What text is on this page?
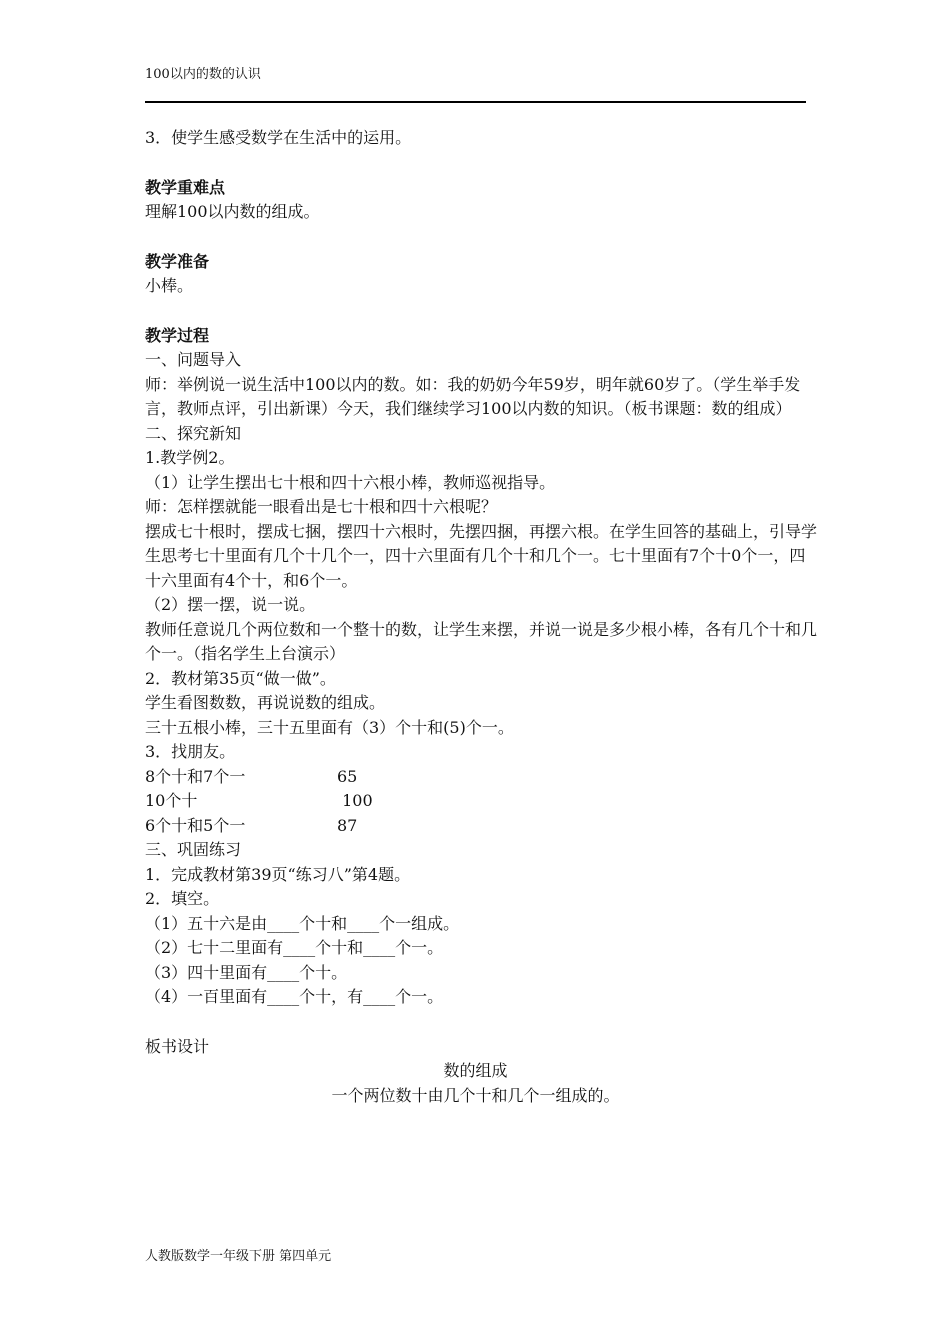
100以内的数的认识

3．使学生感受数学在生活中的运用。

教学重难点

理解100以内数的组成。

教学准备

小棒。

教学过程

一、问题导入

师：举例说一说生活中100以内的数。如：我的奶奶今年59岁，明年就60岁了。（学生举手发言，教师点评，引出新课）今天，我们继续学习100以内数的知识。（板书课题：数的组成）

二、探究新知

1.教学例2。

（1）让学生摆出七十根和四十六根小棒，教师巡视指导。

师：怎样摆就能一眼看出是七十根和四十六根呢？

摆成七十根时，摆成七捆，摆四十六根时，先摆四捆，再摆六根。在学生回答的基础上，引导学生思考七十里面有几个十几个一，四十六里面有几个十和几个一。七十里面有7个十0个一，四十六里面有4个十，和6个一。

（2）摆一摆，说一说。

教师任意说几个两位数和一个整十的数，让学生来摆，并说一说是多少根小棒，各有几个十和几个一。（指名学生上台演示）

2．教材第35页“做一做”。

学生看图数数，再说说数的组成。

三十五根小棒，三十五里面有（3）个十和(5)个一。

3．找朋友。

8个十和7个一	65
10个十	100
6个十和5个一	87

三、巩固练习

1．完成教材第39页“练习八”第4题。

2．填空。

（1）五十六是由____个十和____个一组成。

（2）七十二里面有____个十和____个一。

（3）四十里面有____个十。

（4）一百里面有____个十，有____个一。

板书设计

数的组成

一个两位数十由几个十和几个一组成的。

人教版数学一年级下册 第四单元
